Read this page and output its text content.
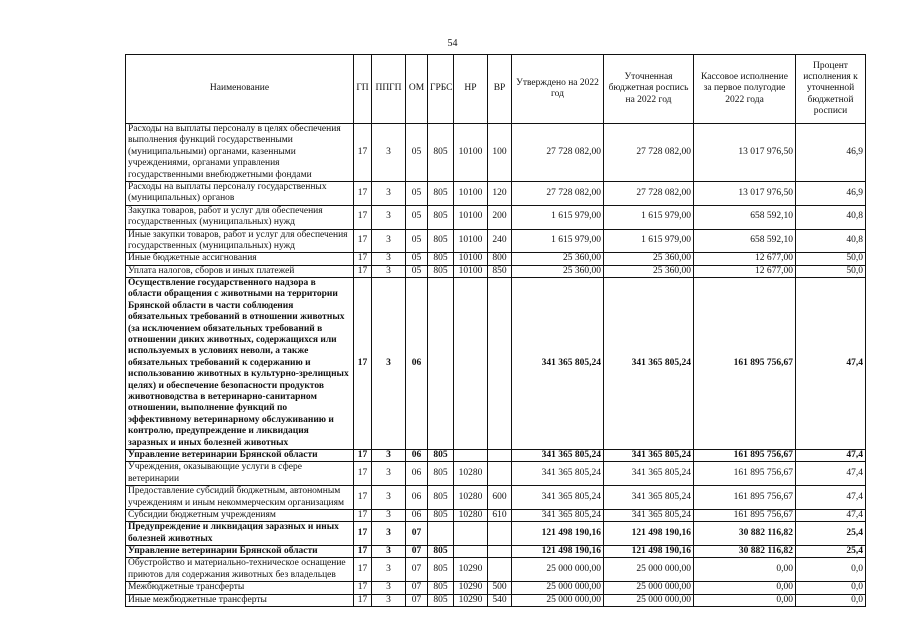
54
Наименование	ГП	ППГП	ОМ	ГРБС	НР	ВР	Утверждено на 2022 год	Уточненная бюджетная роспись на 2022 год	Кассовое исполнение за первое полугодие 2022 года	Процент исполнения к уточненной бюджетной росписи
Расходы на выплаты персоналу в целях обеспечения выполнения функций государственными (муниципальными) органами, казенными учреждениями, органами управления государственными внебюджетными фондами	17	3	05	805	10100	100	27 728 082,00	27 728 082,00	13 017 976,50	46,9
Расходы на выплаты персоналу государственных (муниципальных) органов	17	3	05	805	10100	120	27 728 082,00	27 728 082,00	13 017 976,50	46,9
Закупка товаров, работ и услуг для обеспечения государственных (муниципальных) нужд	17	3	05	805	10100	200	1 615 979,00	1 615 979,00	658 592,10	40,8
Иные закупки товаров, работ и услуг для обеспечения государственных (муниципальных) нужд	17	3	05	805	10100	240	1 615 979,00	1 615 979,00	658 592,10	40,8
Иные бюджетные ассигнования	17	3	05	805	10100	800	25 360,00	25 360,00	12 677,00	50,0
Уплата налогов, сборов и иных платежей	17	3	05	805	10100	850	25 360,00	25 360,00	12 677,00	50,0
Осуществление государственного надзора в области обращения с животными на территории Брянской области в части соблюдения обязательных требований в отношении животных (за исключением обязательных требований в отношении диких животных, содержащихся или используемых в условиях неволи, а также обязательных требований к содержанию и использованию животных в культурно-зрелищных целях) и обеспечение безопасности продуктов животноводства в ветеринарно-санитарном отношении, выполнение функций по эффективному ветеринарному обслуживанию и контролю, предупреждение и ликвидация заразных и иных болезней животных	17	3	06				341 365 805,24	341 365 805,24	161 895 756,67	47,4
Управление ветеринарии Брянской области	17	3	06	805			341 365 805,24	341 365 805,24	161 895 756,67	47,4
Учреждения, оказывающие услуги в сфере ветеринарии	17	3	06	805	10280		341 365 805,24	341 365 805,24	161 895 756,67	47,4
Предоставление субсидий бюджетным, автономным учреждениям и иным некоммерческим организациям	17	3	06	805	10280	600	341 365 805,24	341 365 805,24	161 895 756,67	47,4
Субсидии бюджетным учреждениям	17	3	06	805	10280	610	341 365 805,24	341 365 805,24	161 895 756,67	47,4
Предупреждение и ликвидация заразных и иных болезней животных	17	3	07				121 498 190,16	121 498 190,16	30 882 116,82	25,4
Управление ветеринарии Брянской области	17	3	07	805			121 498 190,16	121 498 190,16	30 882 116,82	25,4
Обустройство и материально-техническое оснащение приютов для содержания животных без владельцев	17	3	07	805	10290		25 000 000,00	25 000 000,00	0,00	0,0
Межбюджетные трансферты	17	3	07	805	10290	500	25 000 000,00	25 000 000,00	0,00	0,0
Иные межбюджетные трансферты	17	3	07	805	10290	540	25 000 000,00	25 000 000,00	0,00	0,0
